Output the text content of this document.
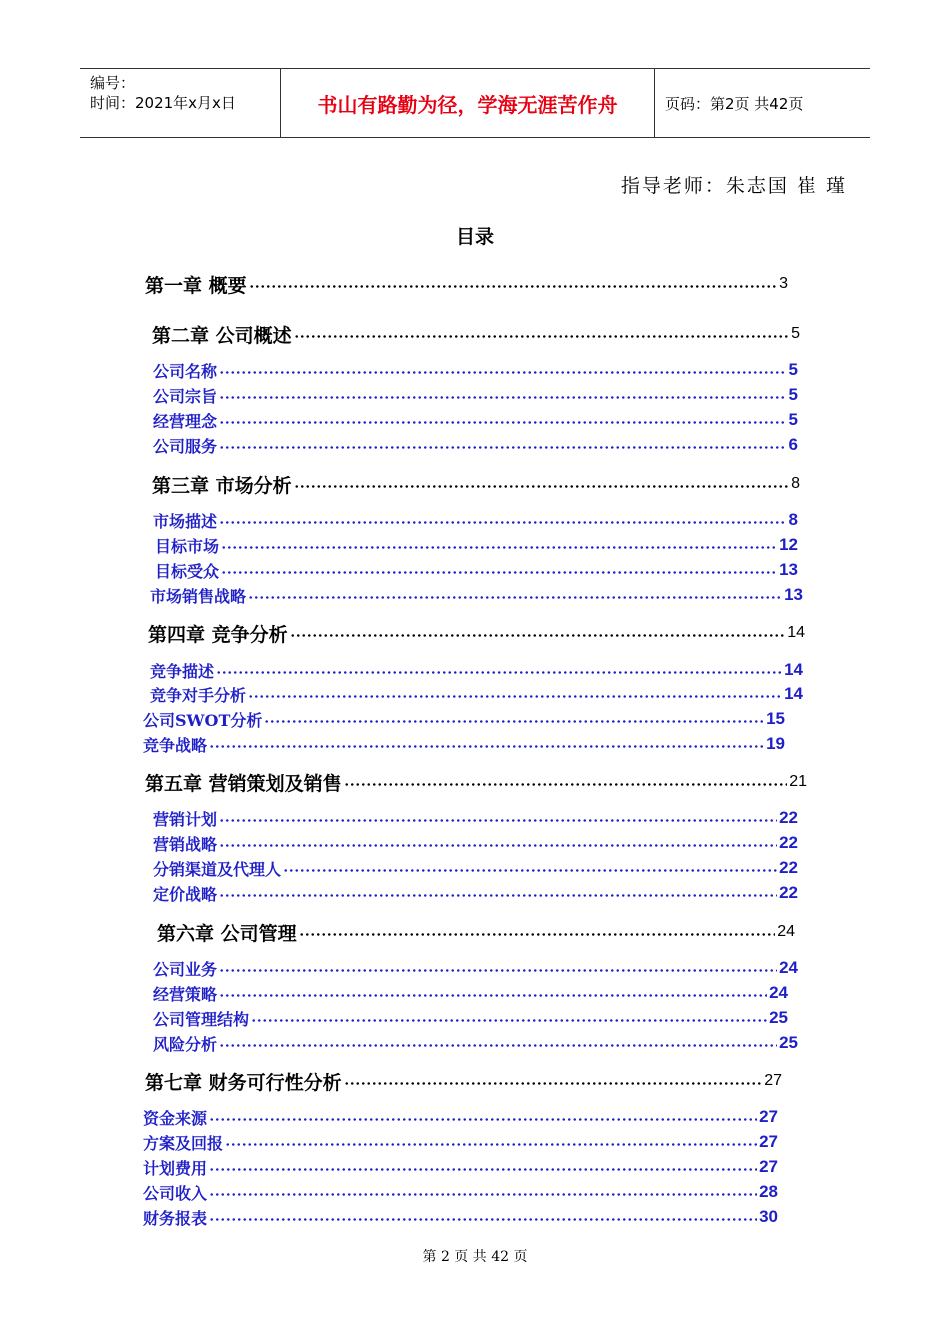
编号：
时间：2021年x月x日	书山有路勤为径，学海无涯苦作舟	页码：第2页 共42页
指导老师：朱志国 崔 瑾
目录
第一章 概要	3
第二章 公司概述	5
公司名称	5
公司宗旨	5
经营理念	5
公司服务	6
第三章 市场分析	8
市场描述	8
目标市场	12
目标受众	13
市场销售战略	13
第四章 竞争分析	14
竞争描述	14
竞争对手分析	14
公司SWOT分析	15
竞争战略	19
第五章 营销策划及销售	21
营销计划	22
营销战略	22
分销渠道及代理人	22
定价战略	22
第六章 公司管理	24
公司业务	24
经营策略	24
公司管理结构	25
风险分析	25
第七章 财务可行性分析	27
资金来源	27
方案及回报	27
计划费用	27
公司收入	28
财务报表	30
第 2 页 共 42 页
